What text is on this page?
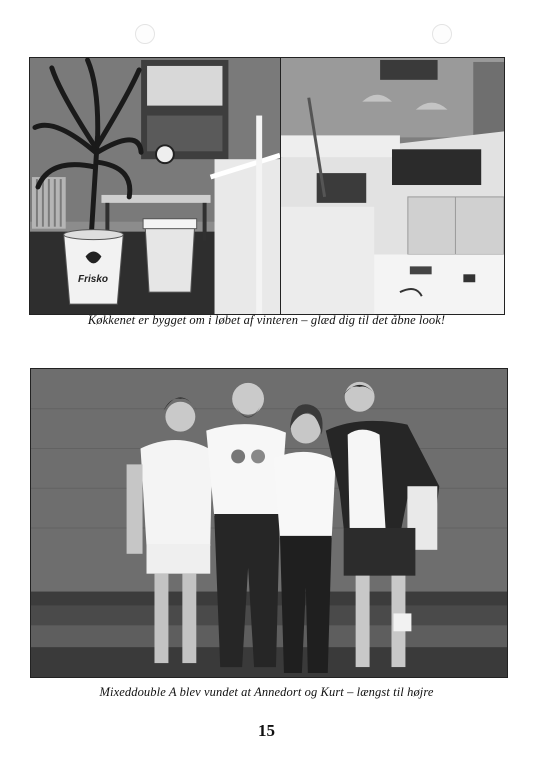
Frisko

Køkkenet er bygget om i løbet af vinteren – glæd dig til det åbne look!

Mixeddouble A blev vundet at Annedort og Kurt – længst til højre

15
